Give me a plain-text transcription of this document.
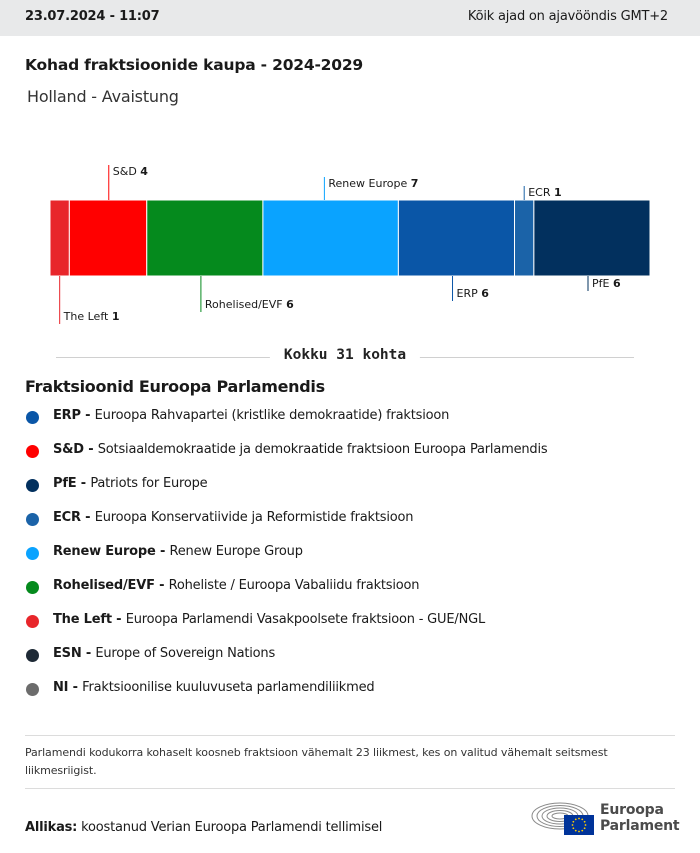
23.07.2024 - 11:07	Kõik ajad on ajavööndis GMT+2
Kohad fraktsioonide kaupa - 2024-2029
Holland - Avaistung
The Left 1
S&D 4
Rohelised/EVF 6
Renew Europe 7
ERP 6
ECR 1
PfE 6
Kokku 31 kohta
Fraktsioonid Euroopa Parlamendis
ERP - Euroopa Rahvapartei (kristlike demokraatide) fraktsioon
S&D - Sotsiaaldemokraatide ja demokraatide fraktsioon Euroopa Parlamendis
PfE - Patriots for Europe
ECR - Euroopa Konservatiivide ja Reformistide fraktsioon
Renew Europe - Renew Europe Group
Rohelised/EVF - Roheliste / Euroopa Vabaliidu fraktsioon
The Left - Euroopa Parlamendi Vasakpoolsete fraktsioon - GUE/NGL
ESN - Europe of Sovereign Nations
NI - Fraktsioonilise kuuluvuseta parlamendiliikmed
Parlamendi kodukorra kohaselt koosneb fraktsioon vähemalt 23 liikmest, kes on valitud vähemalt seitsmest liikmesriigist.
Allikas: koostanud Verian Euroopa Parlamendi tellimisel
Euroopa
Parlament
